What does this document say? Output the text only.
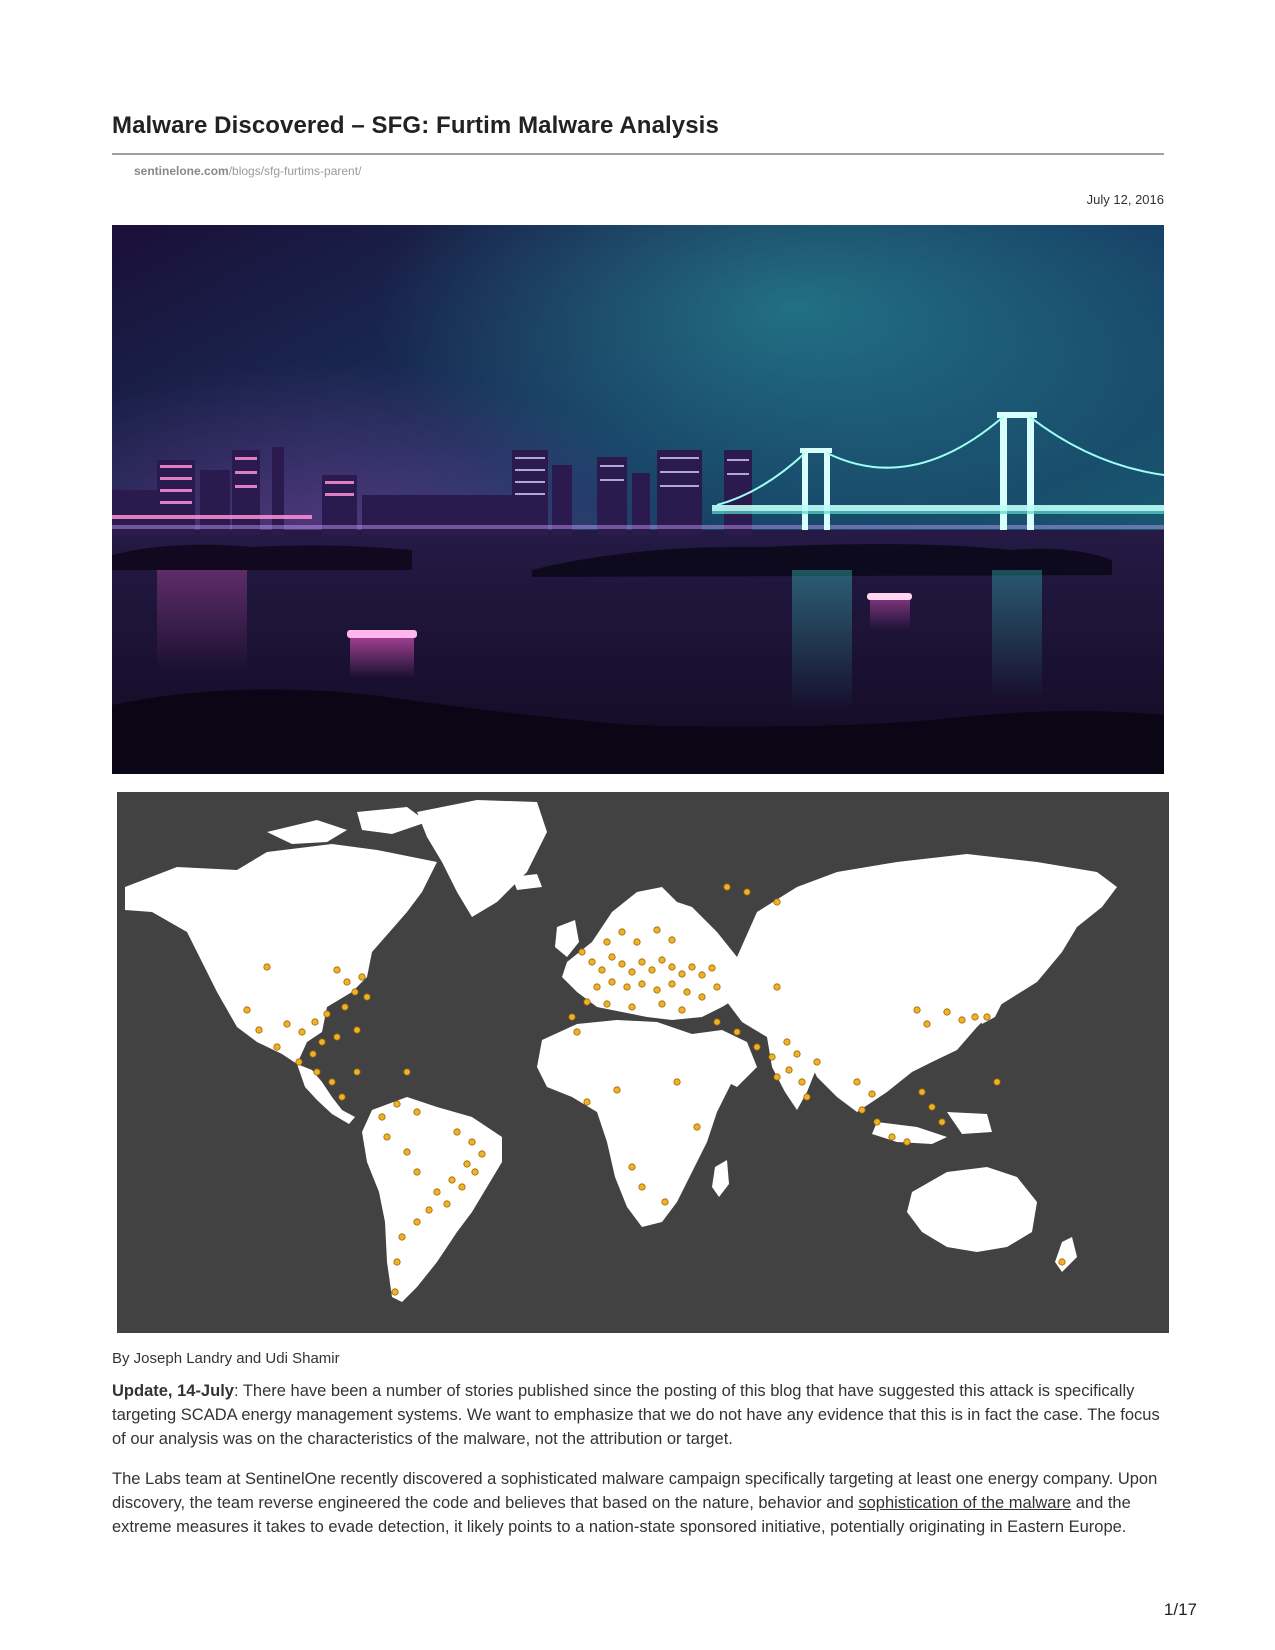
Malware Discovered – SFG: Furtim Malware Analysis
sentinelone.com/blogs/sfg-furtims-parent/
July 12, 2016
By Joseph Landry and Udi Shamir

Update, 14-July: There have been a number of stories published since the posting of this blog that have suggested this attack is specifically targeting SCADA energy management systems. We want to emphasize that we do not have any evidence that this is in fact the case. The focus of our analysis was on the characteristics of the malware, not the attribution or target.

The Labs team at SentinelOne recently discovered a sophisticated malware campaign specifically targeting at least one energy company. Upon discovery, the team reverse engineered the code and believes that based on the nature, behavior and sophistication of the malware and the extreme measures it takes to evade detection, it likely points to a nation-state sponsored initiative, potentially originating in Eastern Europe.

1/17
